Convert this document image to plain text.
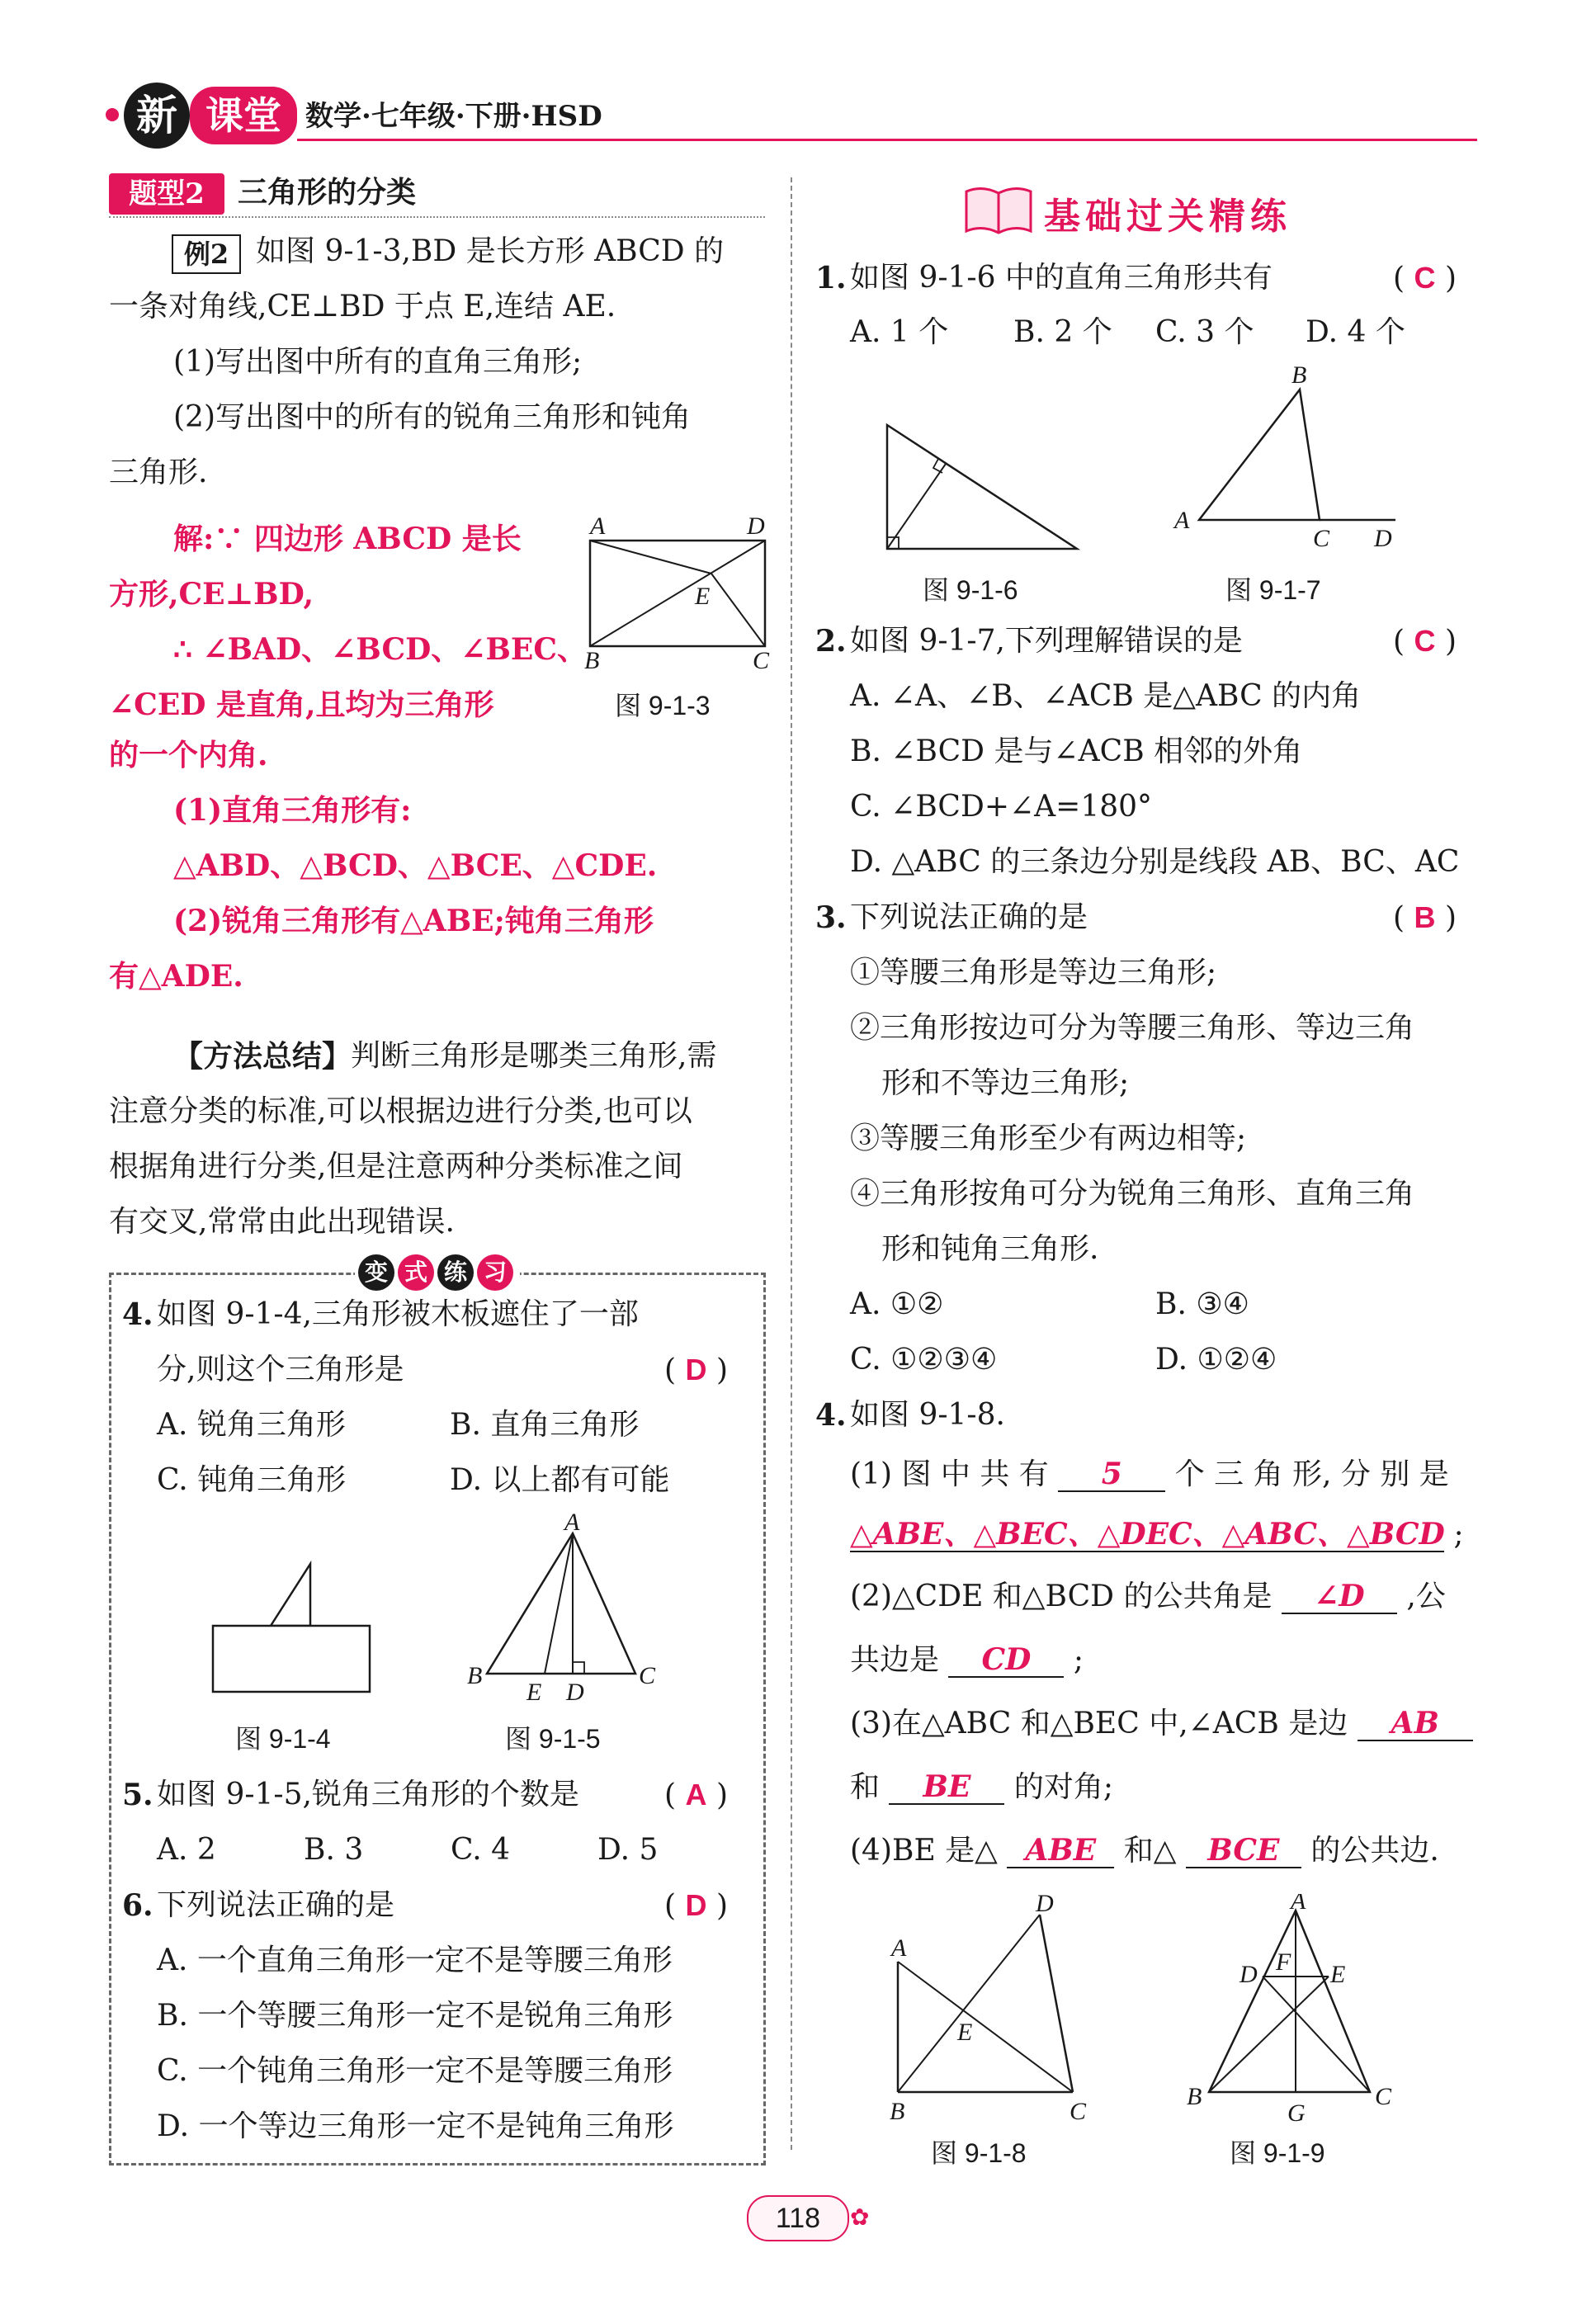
新 课堂 数学·七年级·下册·HSD
题型2	三角形的分类
例2 如图 9-1-3,BD 是长方形 ABCD 的
一条对角线,CE⊥BD 于点 E,连结 AE.
(1)写出图中所有的直角三角形;
(2)写出图中的所有的锐角三角形和钝角
三角形.
解:∵ 四边形 ABCD 是长
方形,CE⊥BD,
∴ ∠BAD、∠BCD、∠BEC、
∠CED 是直角,且均为三角形
的一个内角.
(1)直角三角形有:
△ABD、△BCD、△BCE、△CDE.
(2)锐角三角形有△ABE;钝角三角形
有△ADE.
A	D
E
B	C
图 9-1-3
【方法总结】
判断三角形是哪类三角形,需
注意分类的标准,可以根据边进行分类,也可以
根据角进行分类,但是注意两种分类标准之间
有交叉,常常由此出现错误.
变 式 练 习
4. 如图 9-1-4,三角形被木板遮住了一部
分,则这个三角形是	( D )
A. 锐角三角形	B. 直角三角形
C. 钝角三角形	D. 以上都有可能
图 9-1-4
A
B
E D
C
图 9-1-5
5. 如图 9-1-5,锐角三角形的个数是	( A )
A. 2	B. 3	C. 4	D. 5
6. 下列说法正确的是	( D )
A. 一个直角三角形一定不是等腰三角形
B. 一个等腰三角形一定不是锐角三角形
C. 一个钝角三角形一定不是等腰三角形
D. 一个等边三角形一定不是钝角三角形
基础过关精练
1. 如图 9-1-6 中的直角三角形共有	( C )
A. 1 个 B. 2 个 C. 3 个 D. 4 个
图 9-1-6
B
A
C D
图 9-1-7
2. 如图 9-1-7,下列理解错误的是	( C )
A. ∠A、∠B、∠ACB 是△ABC 的内角
B. ∠BCD 是与∠ACB 相邻的外角
C. ∠BCD+∠A=180°
D. △ABC 的三条边分别是线段 AB、BC、AC
3. 下列说法正确的是	( B )
①等腰三角形是等边三角形;
②三角形按边可分为等腰三角形、等边三角
形和不等边三角形;
③等腰三角形至少有两边相等;
④三角形按角可分为锐角三角形、直角三角
形和钝角三角形.
A. ①②	B. ③④
C. ①②③④	D. ①②④
4. 如图 9-1-8.
(1) 图 中 共 有 5 个 三 角 形, 分 别 是
△ABE、△BEC、△DEC、△ABC、△BCD ;
(2)△CDE 和△BCD 的公共角是 ∠D ,公
共边是 CD ;
(3)在△ABC 和△BEC 中,∠ACB 是边 AB
和 BE 的对角;
(4)BE 是△ ABE 和△ BCE 的公共边.
D
A
E
B	C
图 9-1-8
A
D F E
B
G
C
图 9-1-9
118	✿
